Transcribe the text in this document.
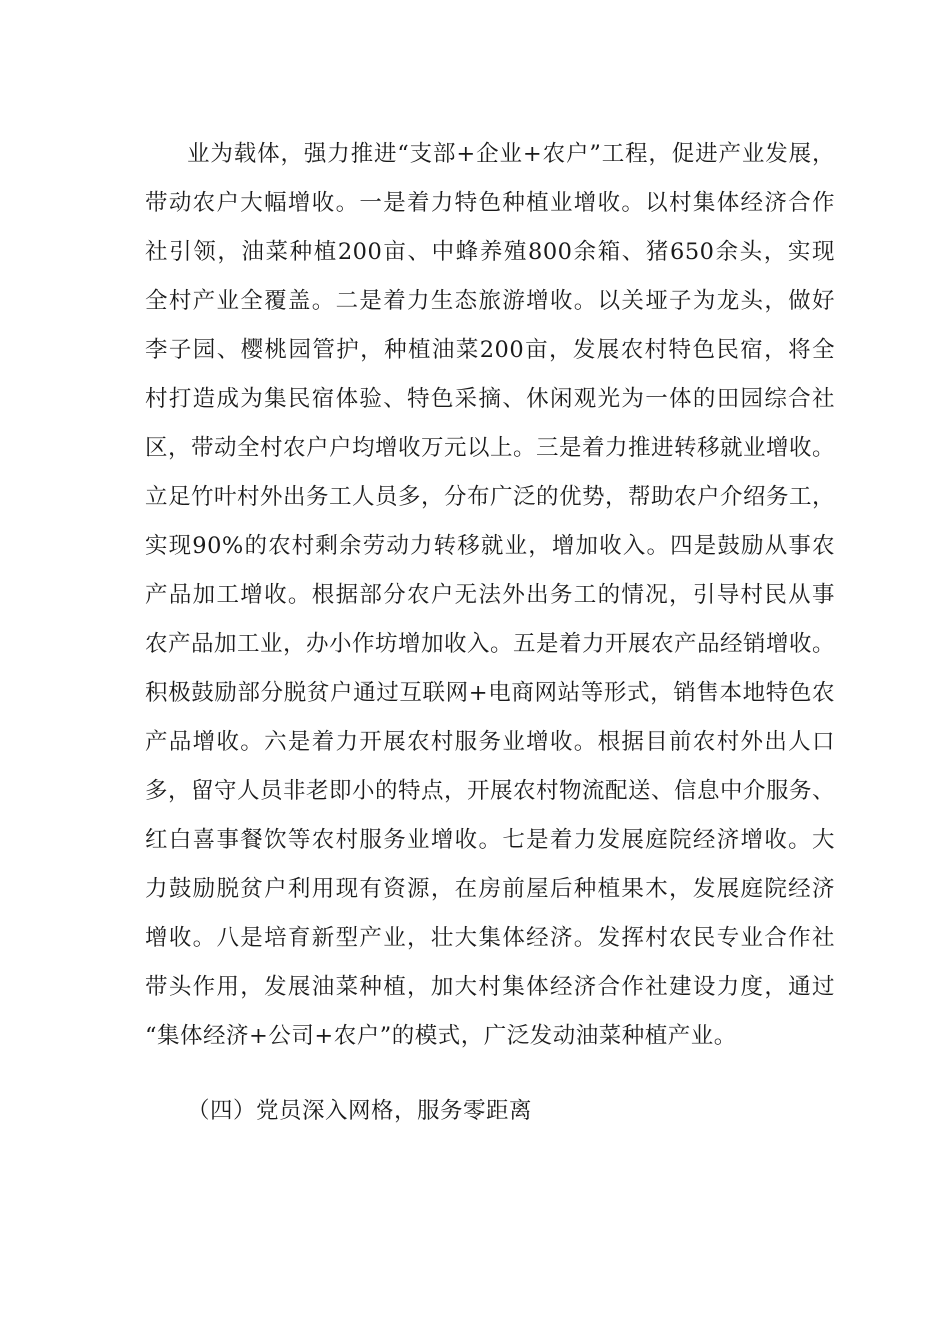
业为载体，强力推进“支部+企业+农户”工程，促进产业发展，
带动农户大幅增收。一是着力特色种植业增收。以村集体经济合作
社引领，油菜种植200亩、中蜂养殖800余箱、猪650余头，实现
全村产业全覆盖。二是着力生态旅游增收。以关垭子为龙头，做好
李子园、樱桃园管护，种植油菜200亩，发展农村特色民宿，将全
村打造成为集民宿体验、特色采摘、休闲观光为一体的田园综合社
区，带动全村农户户均增收万元以上。三是着力推进转移就业增收。
立足竹叶村外出务工人员多，分布广泛的优势，帮助农户介绍务工，
实现90%的农村剩余劳动力转移就业，增加收入。四是鼓励从事农
产品加工增收。根据部分农户无法外出务工的情况，引导村民从事
农产品加工业，办小作坊增加收入。五是着力开展农产品经销增收。
积极鼓励部分脱贫户通过互联网+电商网站等形式，销售本地特色农
产品增收。六是着力开展农村服务业增收。根据目前农村外出人口
多，留守人员非老即小的特点，开展农村物流配送、信息中介服务、
红白喜事餐饮等农村服务业增收。七是着力发展庭院经济增收。大
力鼓励脱贫户利用现有资源，在房前屋后种植果木，发展庭院经济
增收。八是培育新型产业，壮大集体经济。发挥村农民专业合作社
带头作用，发展油菜种植，加大村集体经济合作社建设力度，通过
“集体经济+公司+农户”的模式，广泛发动油菜种植产业。
（四）党员深入网格，服务零距离
